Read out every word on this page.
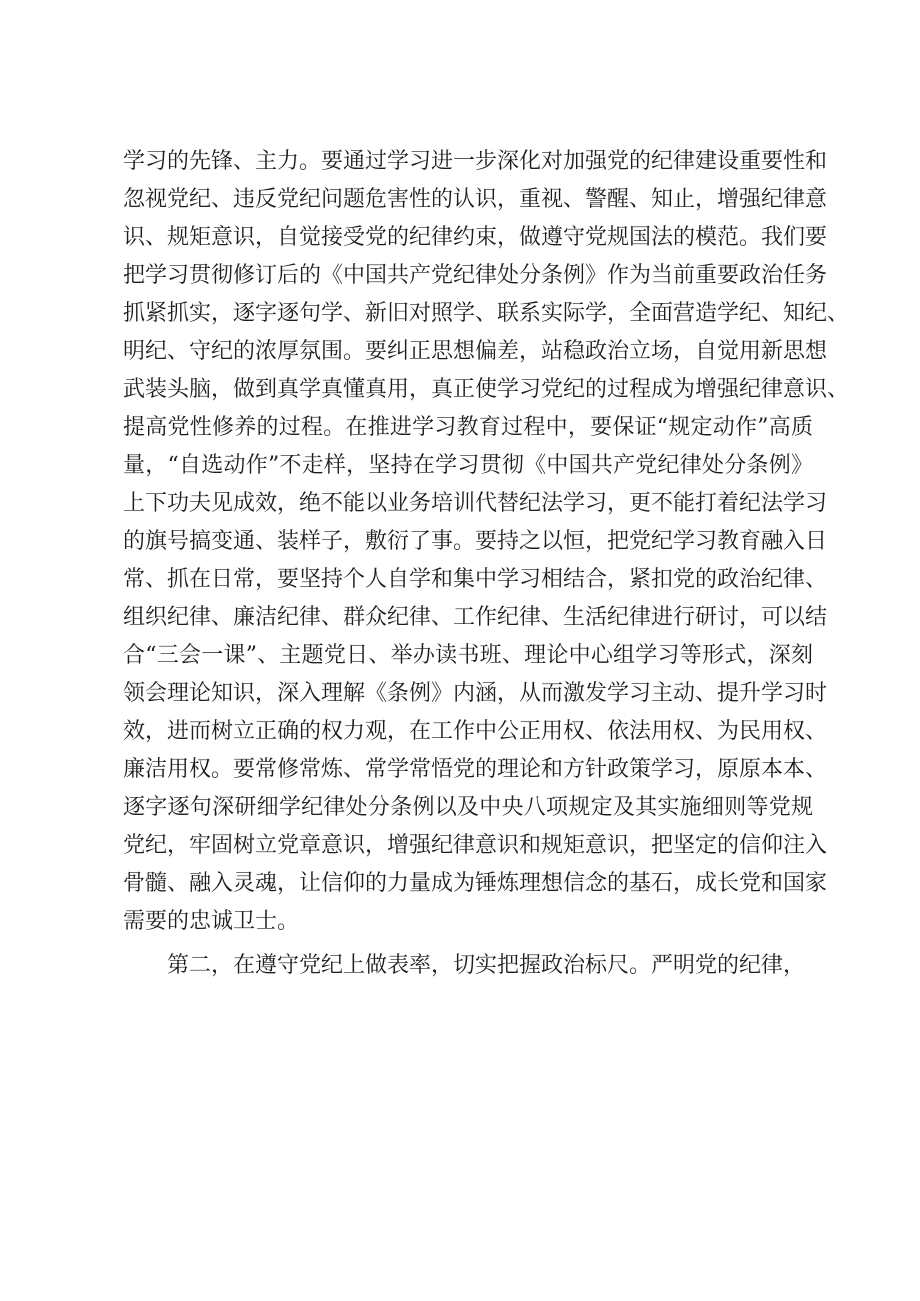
学习的先锋、主力。要通过学习进一步深化对加强党的纪律建设重要性和
忽视党纪、违反党纪问题危害性的认识，重视、警醒、知止，增强纪律意
识、规矩意识，自觉接受党的纪律约束，做遵守党规国法的模范。我们要
把学习贯彻修订后的《中国共产党纪律处分条例》作为当前重要政治任务
抓紧抓实，逐字逐句学、新旧对照学、联系实际学，全面营造学纪、知纪、
明纪、守纪的浓厚氛围。要纠正思想偏差，站稳政治立场，自觉用新思想
武装头脑，做到真学真懂真用，真正使学习党纪的过程成为增强纪律意识、
提高党性修养的过程。在推进学习教育过程中，要保证“规定动作”高质
量，“自选动作”不走样，坚持在学习贯彻《中国共产党纪律处分条例》
上下功夫见成效，绝不能以业务培训代替纪法学习，更不能打着纪法学习
的旗号搞变通、装样子，敷衍了事。要持之以恒，把党纪学习教育融入日
常、抓在日常，要坚持个人自学和集中学习相结合，紧扣党的政治纪律、
组织纪律、廉洁纪律、群众纪律、工作纪律、生活纪律进行研讨，可以结
合“三会一课”、主题党日、举办读书班、理论中心组学习等形式，深刻
领会理论知识，深入理解《条例》内涵，从而激发学习主动、提升学习时
效，进而树立正确的权力观，在工作中公正用权、依法用权、为民用权、
廉洁用权。要常修常炼、常学常悟党的理论和方针政策学习，原原本本、
逐字逐句深研细学纪律处分条例以及中央八项规定及其实施细则等党规
党纪，牢固树立党章意识，增强纪律意识和规矩意识，把坚定的信仰注入
骨髓、融入灵魂，让信仰的力量成为锤炼理想信念的基石，成长党和国家
需要的忠诚卫士。
第二，在遵守党纪上做表率，切实把握政治标尺。严明党的纪律，
